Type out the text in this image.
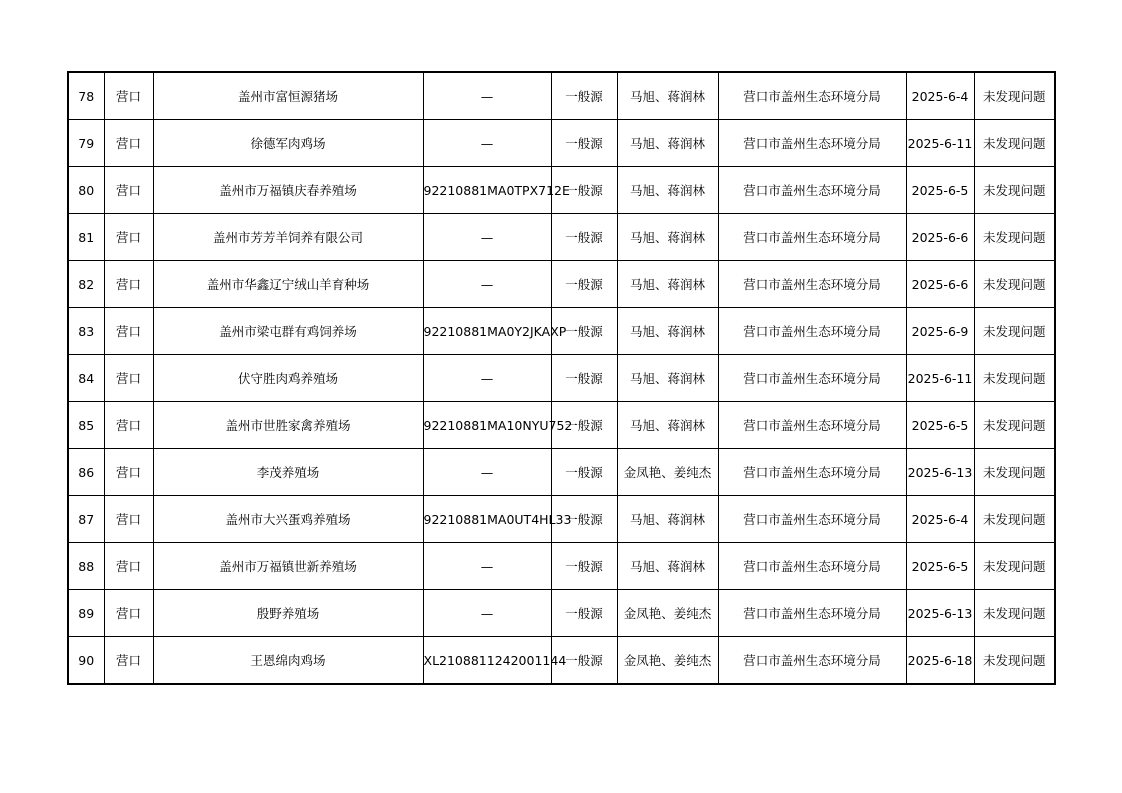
78	营口	盖州市富恒源猪场	—	一般源	马旭、蒋润林	营口市盖州生态环境分局	2025-6-4	未发现问题
79	营口	徐德军肉鸡场	—	一般源	马旭、蒋润林	营口市盖州生态环境分局	2025-6-11	未发现问题
80	营口	盖州市万福镇庆春养殖场	92210881MA0TPX712E	一般源	马旭、蒋润林	营口市盖州生态环境分局	2025-6-5	未发现问题
81	营口	盖州市芳芳羊饲养有限公司	—	一般源	马旭、蒋润林	营口市盖州生态环境分局	2025-6-6	未发现问题
82	营口	盖州市华鑫辽宁绒山羊育种场	—	一般源	马旭、蒋润林	营口市盖州生态环境分局	2025-6-6	未发现问题
83	营口	盖州市梁屯群有鸡饲养场	92210881MA0Y2JKAXP	一般源	马旭、蒋润林	营口市盖州生态环境分局	2025-6-9	未发现问题
84	营口	伏守胜肉鸡养殖场	—	一般源	马旭、蒋润林	营口市盖州生态环境分局	2025-6-11	未发现问题
85	营口	盖州市世胜家禽养殖场	92210881MA10NYU752	一般源	马旭、蒋润林	营口市盖州生态环境分局	2025-6-5	未发现问题
86	营口	李茂养殖场	—	一般源	金凤艳、姜纯杰	营口市盖州生态环境分局	2025-6-13	未发现问题
87	营口	盖州市大兴蛋鸡养殖场	92210881MA0UT4HL33	一般源	马旭、蒋润林	营口市盖州生态环境分局	2025-6-4	未发现问题
88	营口	盖州市万福镇世新养殖场	—	一般源	马旭、蒋润林	营口市盖州生态环境分局	2025-6-5	未发现问题
89	营口	殷野养殖场	—	一般源	金凤艳、姜纯杰	营口市盖州生态环境分局	2025-6-13	未发现问题
90	营口	王恩绵肉鸡场	XL2108811242001144	一般源	金凤艳、姜纯杰	营口市盖州生态环境分局	2025-6-18	未发现问题
